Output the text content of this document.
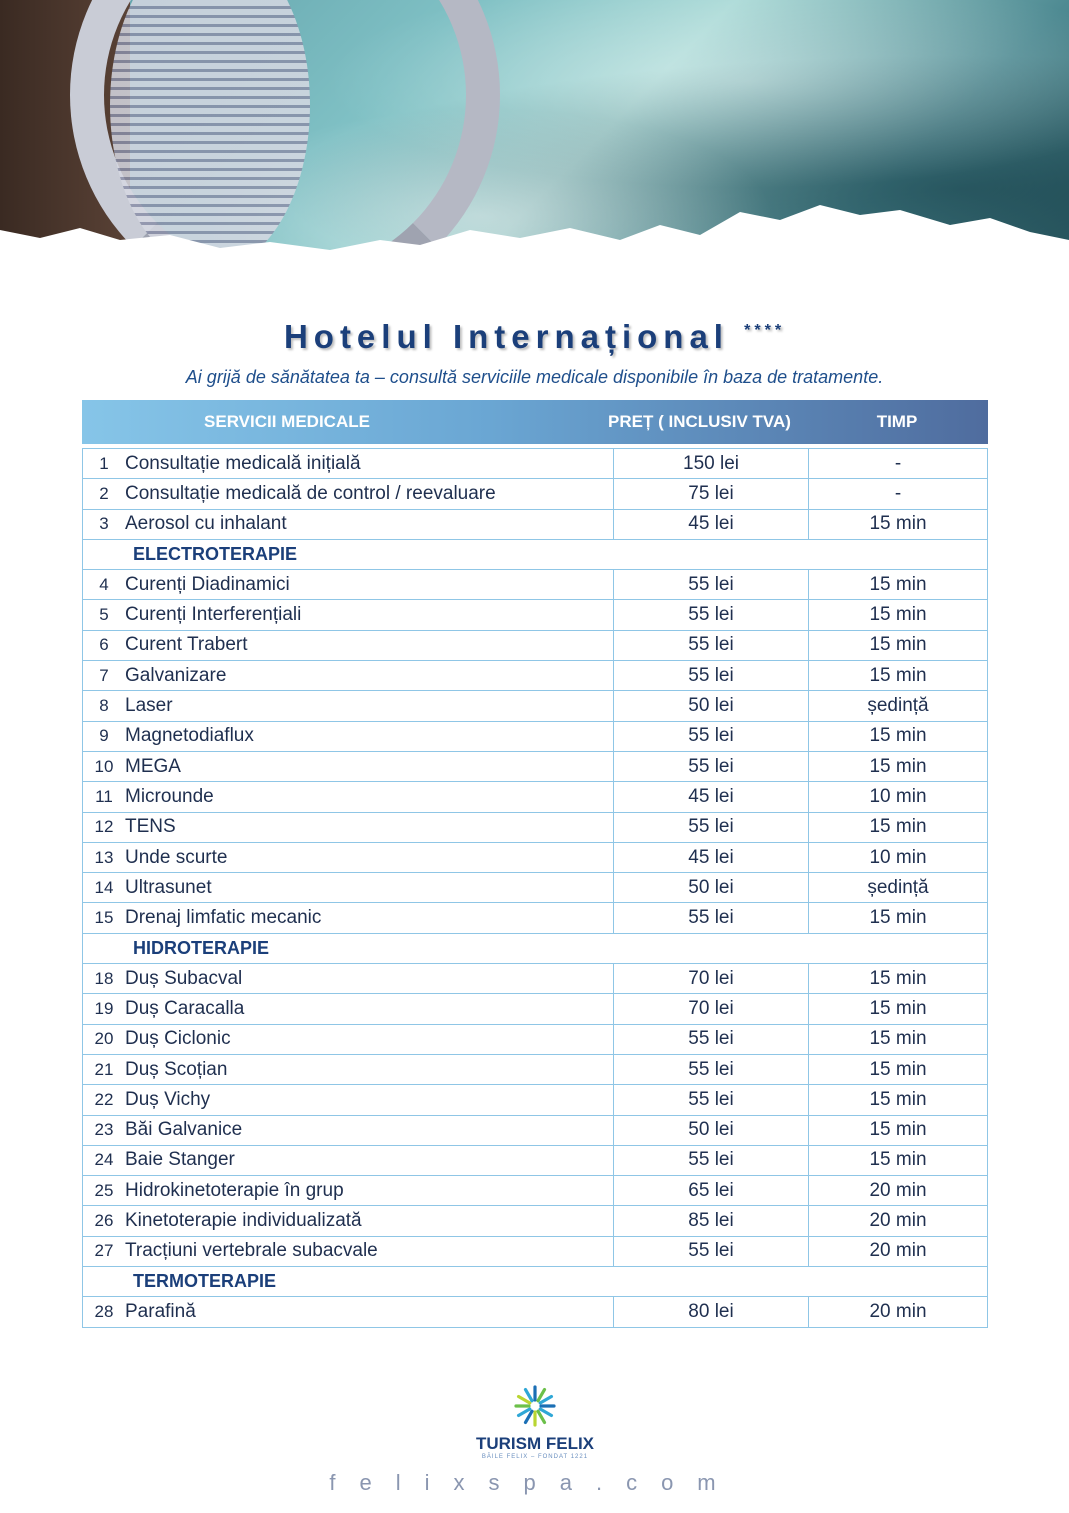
Hotelul Internațional ****
Ai grijă de sănătatea ta – consultă serviciile medicale disponibile în baza de tratamente.
SERVICII MEDICALE	PREȚ ( INCLUSIV TVA)	TIMP
1 Consultație medicală inițială	150 lei	-
2 Consultație medicală de control / reevaluare	75 lei	-
3 Aerosol cu inhalant	45 lei	15 min
ELECTROTERAPIE		
4 Curenți Diadinamici	55 lei	15 min
5 Curenți Interferențiali	55 lei	15 min
6 Curent Trabert	55 lei	15 min
7 Galvanizare	55 lei	15 min
8 Laser	50 lei	ședință
9 Magnetodiaflux	55 lei	15 min
10 MEGA	55 lei	15 min
11 Microunde	45 lei	10 min
12 TENS	55 lei	15 min
13 Unde scurte	45 lei	10 min
14 Ultrasunet	50 lei	ședință
15 Drenaj limfatic mecanic	55 lei	15 min
HIDROTERAPIE		
18 Duș Subacval	70 lei	15 min
19 Duș Caracalla	70 lei	15 min
20 Duș Ciclonic	55 lei	15 min
21 Duș Scoțian	55 lei	15 min
22 Duș Vichy	55 lei	15 min
23 Băi Galvanice	50 lei	15 min
24 Baie Stanger	55 lei	15 min
25 Hidrokinetoterapie în grup	65 lei	20 min
26 Kinetoterapie individualizată	85 lei	20 min
27 Tracțiuni vertebrale subacvale	55 lei	20 min
TERMOTERAPIE		
28 Parafină	80 lei	20 min
TURISM FELIX
BĂILE FELIX – FONDAT 1221
felixspa.com
